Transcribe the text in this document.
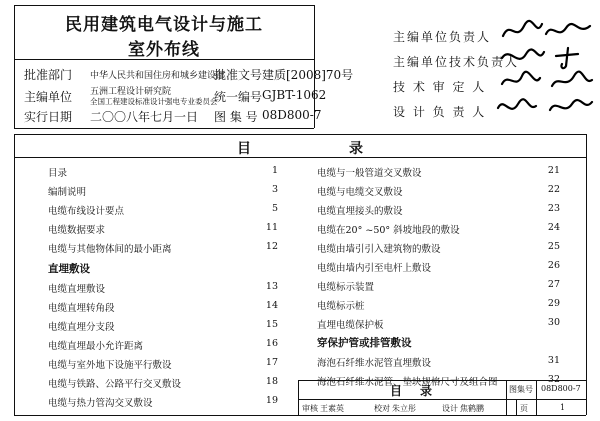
民用建筑电气设计与施工
室外布线
批准部门 中华人民共和国住房和城乡建设部
批准文号 建质[2008]70号
主编单位 五洲工程设计研究院
全国工程建设标准设计强电专业委员会
统一编号 GJBT-1062
实行日期 二〇〇八年七月一日 图 集 号 08D800-7
主编单位负责人
主编单位技术负责人
技 术 审 定 人
设 计 负 责 人
目	录
目录	1
编制说明	3
电缆布线设计要点	5
电缆数据要求	11
电缆与其他物体间的最小距离	12
直埋敷设
电缆直埋敷设	13
电缆直埋转角段	14
电缆直埋分支段	15
电缆直埋最小允许距离	16
电缆与室外地下设施平行敷设	17
电缆与铁路、公路平行交叉敷设	18
电缆与热力管沟交叉敷设	19
电缆与一般管道交叉敷设	21
电缆与电缆交叉敷设	22
电缆直埋接头的敷设	23
电缆在20° ~50° 斜坡地段的敷设	24
电缆由墙引引入建筑物的敷设	25
电缆由墙内引至电杆上敷设	26
电缆标示装置	27
电缆标示桩	29
直埋电缆保护板	30
穿保护管或排管敷设
海泡石纤维水泥管直埋敷设	31
海泡石纤维水泥管、垫块规格尺寸及组合图	32
目 录	图集号 08D800-7
审核 王素英	校对 朱立彤	设计 焦鹤鹏	页	1
